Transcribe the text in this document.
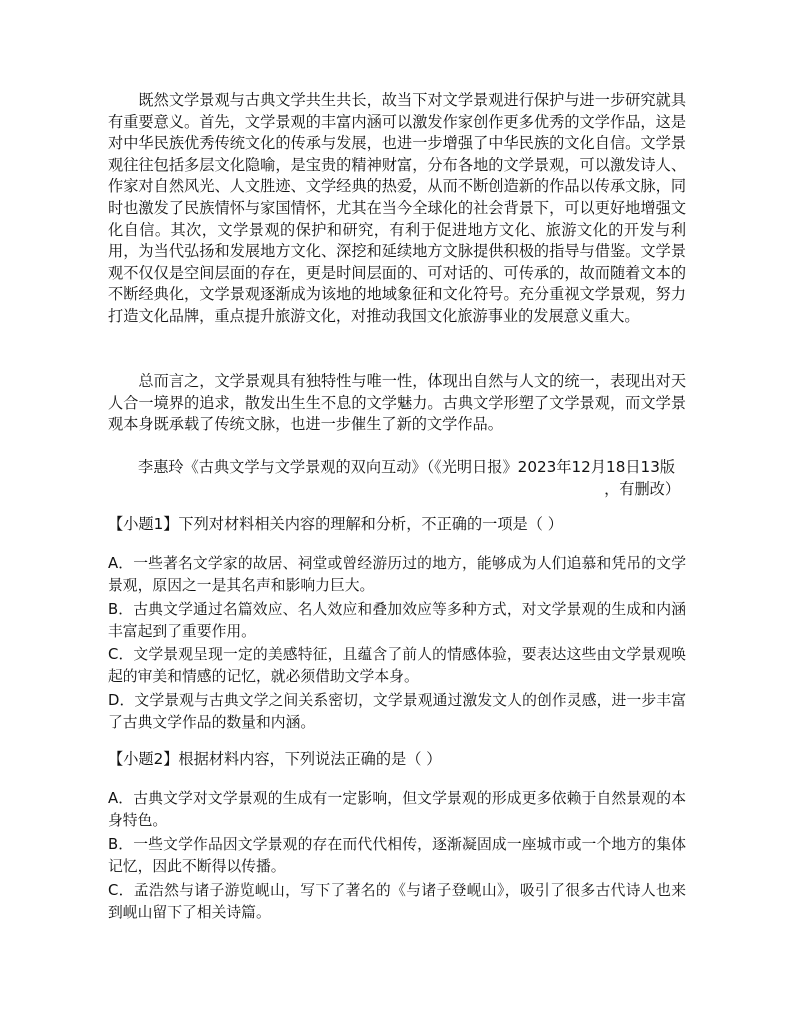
既然文学景观与古典文学共生共长，故当下对文学景观进行保护与进一步研究就具有重要意义。首先，文学景观的丰富内涵可以激发作家创作更多优秀的文学作品，这是对中华民族优秀传统文化的传承与发展，也进一步增强了中华民族的文化自信。文学景观往往包括多层文化隐喻，是宝贵的精神财富，分布各地的文学景观，可以激发诗人、作家对自然风光、人文胜迹、文学经典的热爱，从而不断创造新的作品以传承文脉，同时也激发了民族情怀与家国情怀，尤其在当今全球化的社会背景下，可以更好地增强文化自信。其次，文学景观的保护和研究，有利于促进地方文化、旅游文化的开发与利用，为当代弘扬和发展地方文化、深挖和延续地方文脉提供积极的指导与借鉴。文学景观不仅仅是空间层面的存在，更是时间层面的、可对话的、可传承的，故而随着文本的不断经典化，文学景观逐渐成为该地的地域象征和文化符号。充分重视文学景观，努力打造文化品牌，重点提升旅游文化，对推动我国文化旅游事业的发展意义重大。

总而言之，文学景观具有独特性与唯一性，体现出自然与人文的统一，表现出对天人合一境界的追求，散发出生生不息的文学魅力。古典文学形塑了文学景观，而文学景观本身既承载了传统文脉，也进一步催生了新的文学作品。

李惠玲《古典文学与文学景观的双向互动》（《光明日报》2023年12月18日13版
，有删改）

【小题1】下列对材料相关内容的理解和分析，不正确的一项是（ ）

A．一些著名文学家的故居、祠堂或曾经游历过的地方，能够成为人们追慕和凭吊的文学景观，原因之一是其名声和影响力巨大。

B．古典文学通过名篇效应、名人效应和叠加效应等多种方式，对文学景观的生成和内涵丰富起到了重要作用。

C．文学景观呈现一定的美感特征，且蕴含了前人的情感体验，要表达这些由文学景观唤起的审美和情感的记忆，就必须借助文学本身。

D．文学景观与古典文学之间关系密切，文学景观通过激发文人的创作灵感，进一步丰富了古典文学作品的数量和内涵。

【小题2】根据材料内容，下列说法正确的是（ ）

A．古典文学对文学景观的生成有一定影响，但文学景观的形成更多依赖于自然景观的本身特色。

B．一些文学作品因文学景观的存在而代代相传，逐渐凝固成一座城市或一个地方的集体记忆，因此不断得以传播。

C．孟浩然与诸子游览岘山，写下了著名的《与诸子登岘山》，吸引了很多古代诗人也来到岘山留下了相关诗篇。
